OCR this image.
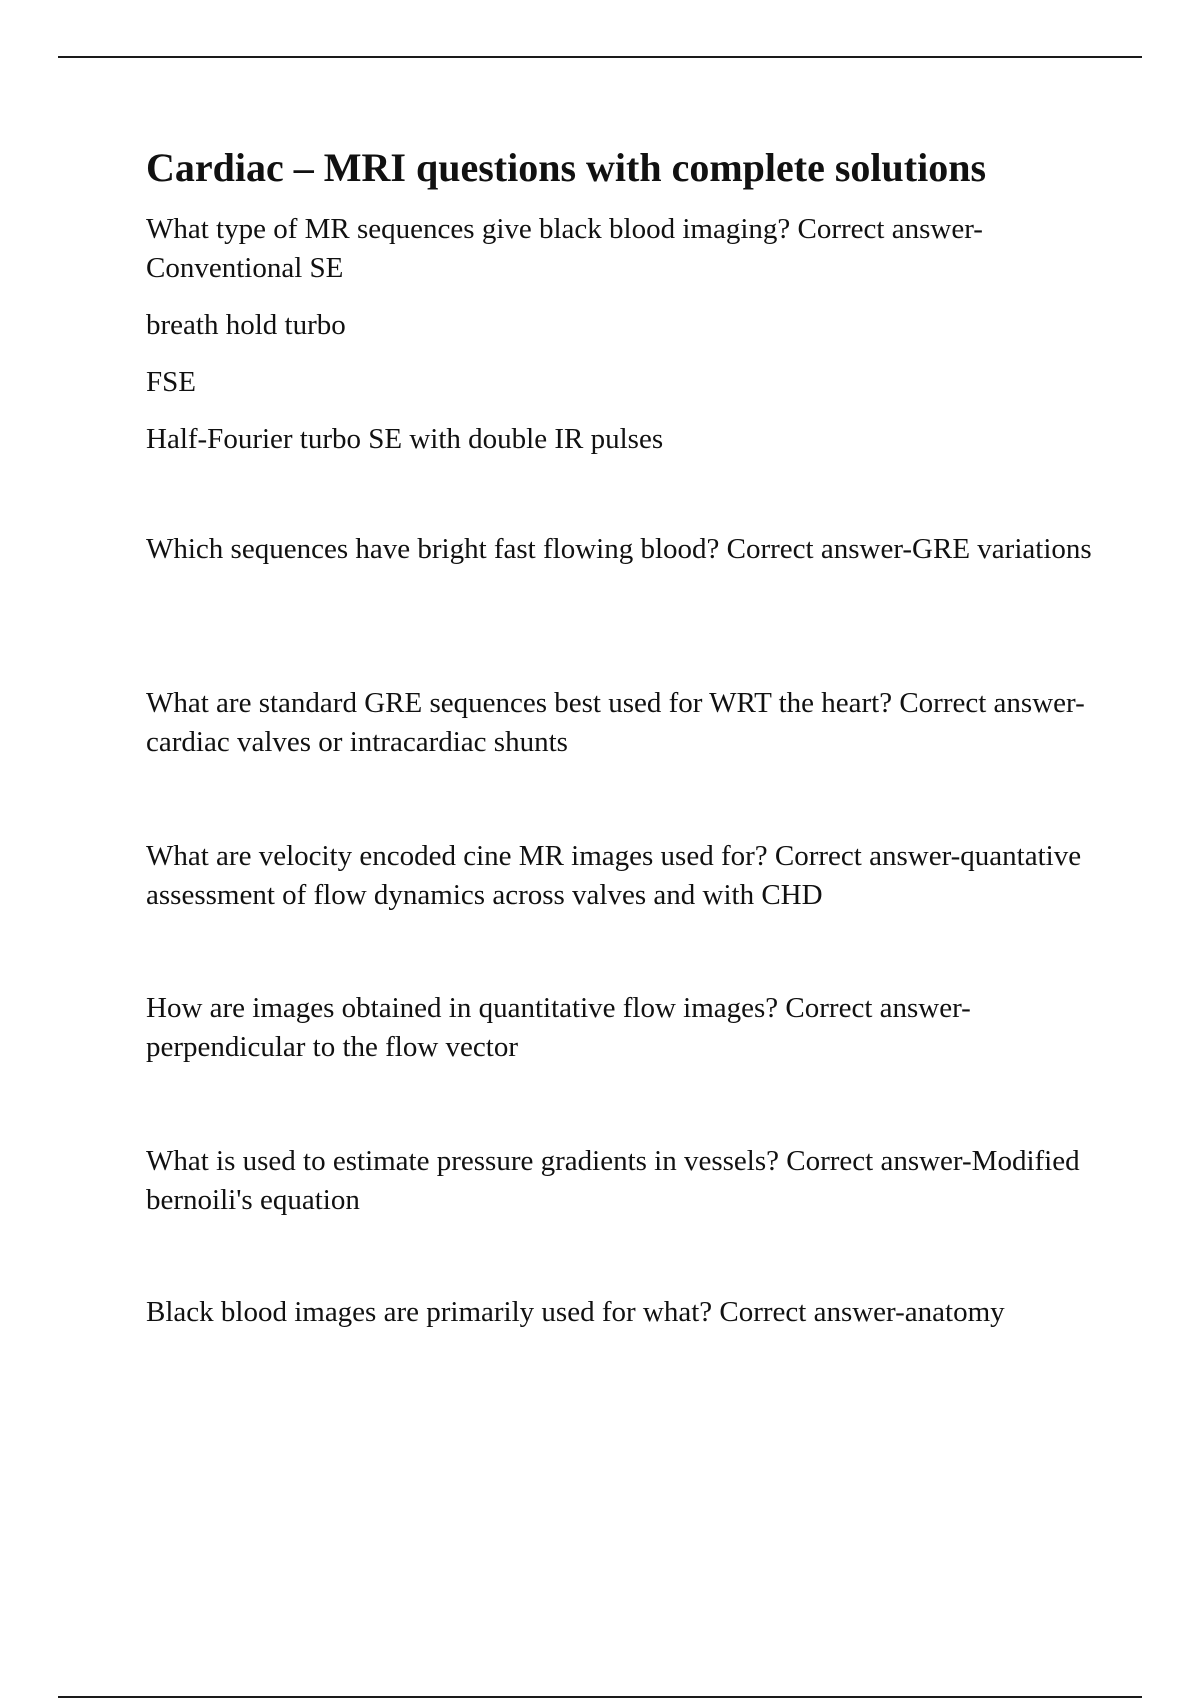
Cardiac – MRI questions with complete solutions

What type of MR sequences give black blood imaging? Correct answer-Conventional SE

breath hold turbo

FSE

Half-Fourier turbo SE with double IR pulses

Which sequences have bright fast flowing blood? Correct answer-GRE variations

What are standard GRE sequences best used for WRT the heart? Correct answer-cardiac valves or intracardiac shunts

What are velocity encoded cine MR images used for? Correct answer-quantative assessment of flow dynamics across valves and with CHD

How are images obtained in quantitative flow images? Correct answer-perpendicular to the flow vector

What is used to estimate pressure gradients in vessels? Correct answer-Modified bernoili's equation

Black blood images are primarily used for what? Correct answer-anatomy
